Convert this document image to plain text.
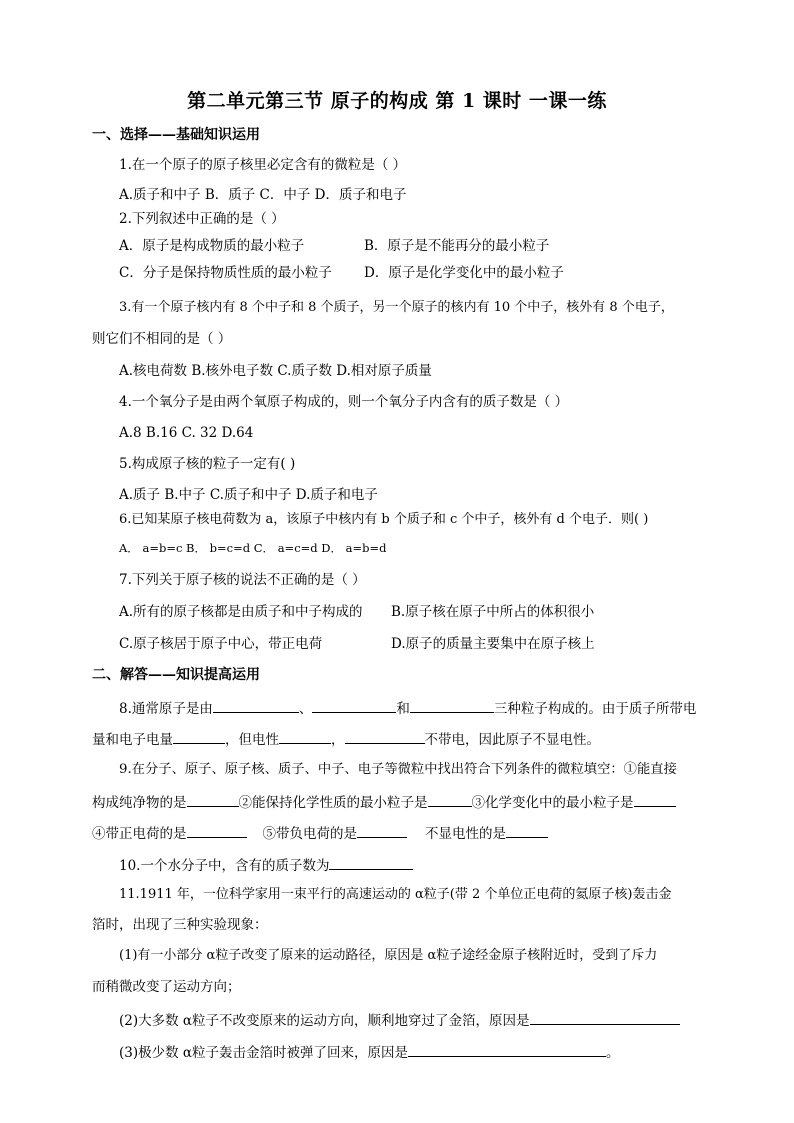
第二单元第三节 原子的构成 第 1 课时 一课一练
一、选择——基础知识运用
1.在一个原子的原子核里必定含有的微粒是（ ）
A.质子和中子 B．质子 C．中子 D．质子和电子
2.下列叙述中正确的是（ ）
A．原子是构成物质的最小粒子	B．原子是不能再分的最小粒子
C．分子是保持物质性质的最小粒子 D．原子是化学变化中的最小粒子
3.有一个原子核内有 8 个中子和 8 个质子，另一个原子的核内有 10 个中子，核外有 8 个电子，
则它们不相同的是（ ）
A.核电荷数 B.核外电子数 C.质子数 D.相对原子质量
4.一个氧分子是由两个氧原子构成的，则一个氧分子内含有的质子数是（ ）
A.8 B.16 C. 32 D.64
5.构成原子核的粒子一定有( )
A.质子 B.中子 C.质子和中子 D.质子和电子
6.已知某原子核电荷数为 a，该原子中核内有 b 个质子和 c 个中子，核外有 d 个电子．则( )
A． a=b=c B． b=c=d C． a=c=d D． a=b=d
7.下列关于原子核的说法不正确的是（ ）
A.所有的原子核都是由质子和中子构成的 B.原子核在原子中所占的体积很小
C.原子核居于原子中心，带正电荷	D.原子的质量主要集中在原子核上
二、解答——知识提高运用
8.通常原子是由	、	和	三种粒子构成的。由于质子所带电
量和电子电量	，但电性	，	不带电，因此原子不显电性。
9.在分子、原子、原子核、质子、中子、电子等微粒中找出符合下列条件的微粒填空：①能直接
构成纯净物的是	②能保持化学性质的最小粒子是	③化学变化中的最小粒子是
④带正电荷的是	⑤带负电荷的是	不显电性的是
10.一个水分子中，含有的质子数为
11.1911 年，一位科学家用一束平行的高速运动的 α粒子(带 2 个单位正电荷的氦原子核)轰击金
箔时，出现了三种实验现象：
(1)有一小部分 α粒子改变了原来的运动路径，原因是 α粒子途经金原子核附近时，受到了斥力
而稍微改变了运动方向；
(2)大多数 α粒子不改变原来的运动方向，顺利地穿过了金箔，原因是
(3)极少数 α粒子轰击金箔时被弹了回来，原因是	。
